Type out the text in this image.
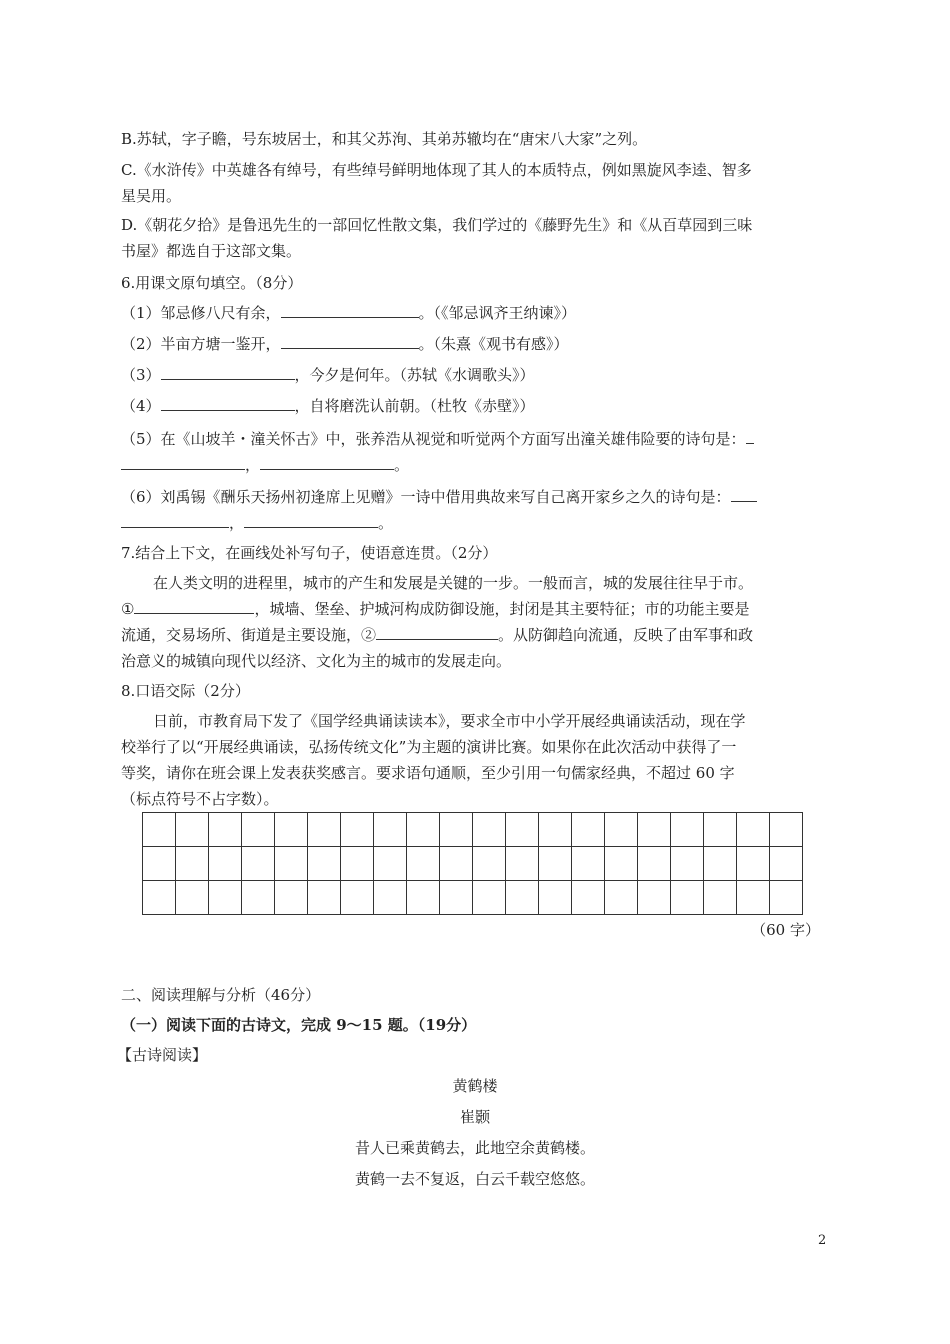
B.苏轼，字子瞻，号东坡居士，和其父苏洵、其弟苏辙均在“唐宋八大家”之列。
C.《水浒传》中英雄各有绰号，有些绰号鲜明地体现了其人的本质特点，例如黑旋风李逵、智多
星吴用。
D.《朝花夕拾》是鲁迅先生的一部回忆性散文集，我们学过的《藤野先生》和《从百草园到三味
书屋》都选自于这部文集。
6.用课文原句填空。（8分）
（1）邹忌修八尺有余，	。（《邹忌讽齐王纳谏》）
（2）半亩方塘一鉴开，	。（朱熹《观书有感》）
（3）	，今夕是何年。（苏轼《水调歌头》）
（4）	，自将磨洗认前朝。（杜牧《赤壁》）
（5）在《山坡羊・潼关怀古》中，张养浩从视觉和听觉两个方面写出潼关雄伟险要的诗句是：
，	。
（6）刘禹锡《酬乐天扬州初逢席上见赠》一诗中借用典故来写自己离开家乡之久的诗句是：
，	。
7.结合上下文，在画线处补写句子，使语意连贯。（2分）
在人类文明的进程里，城市的产生和发展是关键的一步。一般而言，城的发展往往早于市。
①	，城墙、堡垒、护城河构成防御设施，封闭是其主要特征；市的功能主要是
流通，交易场所、街道是主要设施，②	。从防御趋向流通，反映了由军事和政
治意义的城镇向现代以经济、文化为主的城市的发展走向。
8.口语交际（2分）
日前，市教育局下发了《国学经典诵读读本》，要求全市中小学开展经典诵读活动，现在学
校举行了以“开展经典诵读，弘扬传统文化”为主题的演讲比赛。如果你在此次活动中获得了一
等奖，请你在班会课上发表获奖感言。要求语句通顺，至少引用一句儒家经典，不超过 60 字
（标点符号不占字数）。

（60 字）
二、阅读理解与分析（46分）
（一）阅读下面的古诗文，完成 9～15 题。（19分）
【古诗阅读】
黄鹤楼
崔颢
昔人已乘黄鹤去，此地空余黄鹤楼。
黄鹤一去不复返，白云千载空悠悠。
2
